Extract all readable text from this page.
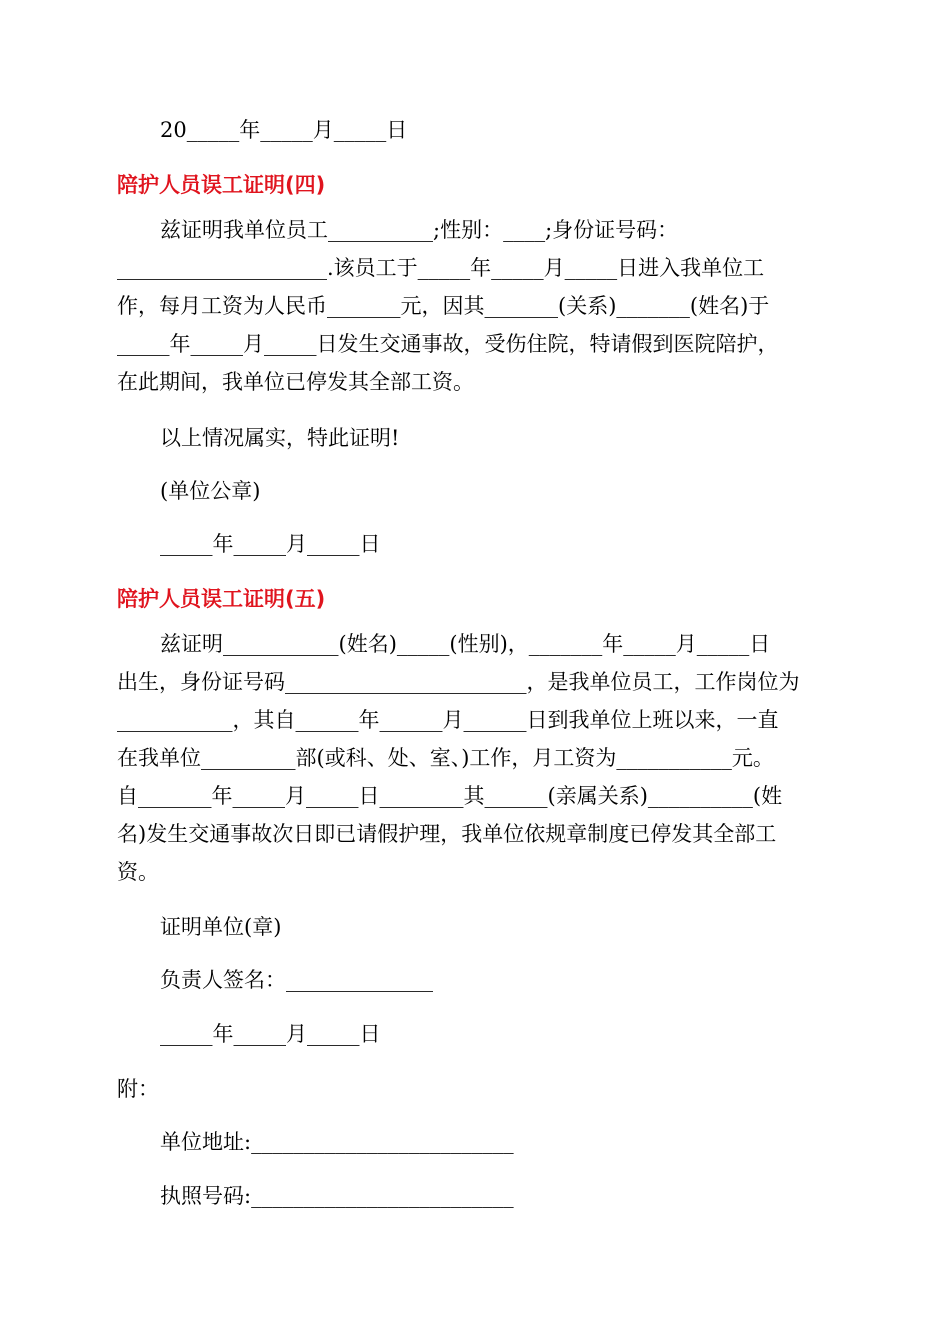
20_____年_____月_____日
陪护人员误工证明(四)
兹证明我单位员工__________;性别：____;身份证号码：
____________________.该员工于_____年_____月_____日进入我单位工
作，每月工资为人民币_______元，因其_______(关系)_______(姓名)于
_____年_____月_____日发生交通事故，受伤住院，特请假到医院陪护，
在此期间，我单位已停发其全部工资。
以上情况属实，特此证明!
(单位公章)
_____年_____月_____日
陪护人员误工证明(五)
兹证明___________(姓名)_____(性别)，_______年_____月_____日
出生，身份证号码_______________________，是我单位员工，工作岗位为
___________，其自______年______月______日到我单位上班以来，一直
在我单位_________部(或科、处、室、)工作，月工资为___________元。
自_______年_____月_____日________其______(亲属关系)__________(姓
名)发生交通事故次日即已请假护理，我单位依规章制度已停发其全部工
资。
证明单位(章)
负责人签名：______________
_____年_____月_____日
附：
单位地址:_________________________
执照号码:_________________________
